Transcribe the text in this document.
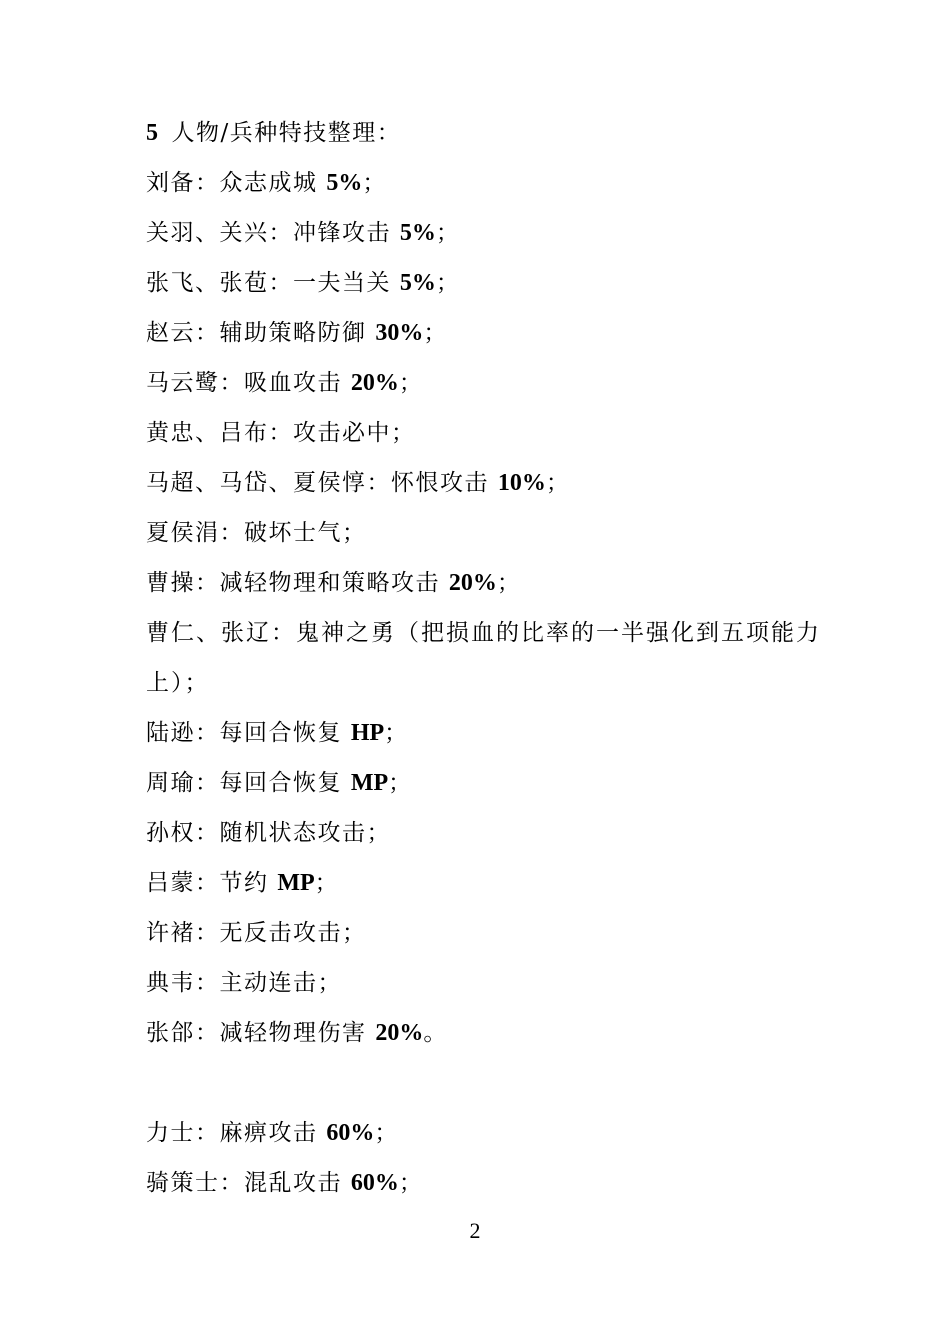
5 人物/兵种特技整理：
刘备：众志成城 5%；
关羽、关兴：冲锋攻击 5%；
张飞、张苞：一夫当关 5%；
赵云：辅助策略防御 30%；
马云鹭：吸血攻击 20%；
黄忠、吕布：攻击必中；
马超、马岱、夏侯惇：怀恨攻击 10%；
夏侯涓：破坏士气；
曹操：减轻物理和策略攻击 20%；
曹仁、张辽：鬼神之勇（把损血的比率的一半强化到五项能力上）；
陆逊：每回合恢复 HP；
周瑜：每回合恢复 MP；
孙权：随机状态攻击；
吕蒙：节约 MP；
许褚：无反击攻击；
典韦：主动连击；
张郃：减轻物理伤害 20%。
力士：麻痹攻击 60%；
骑策士：混乱攻击 60%；
2
